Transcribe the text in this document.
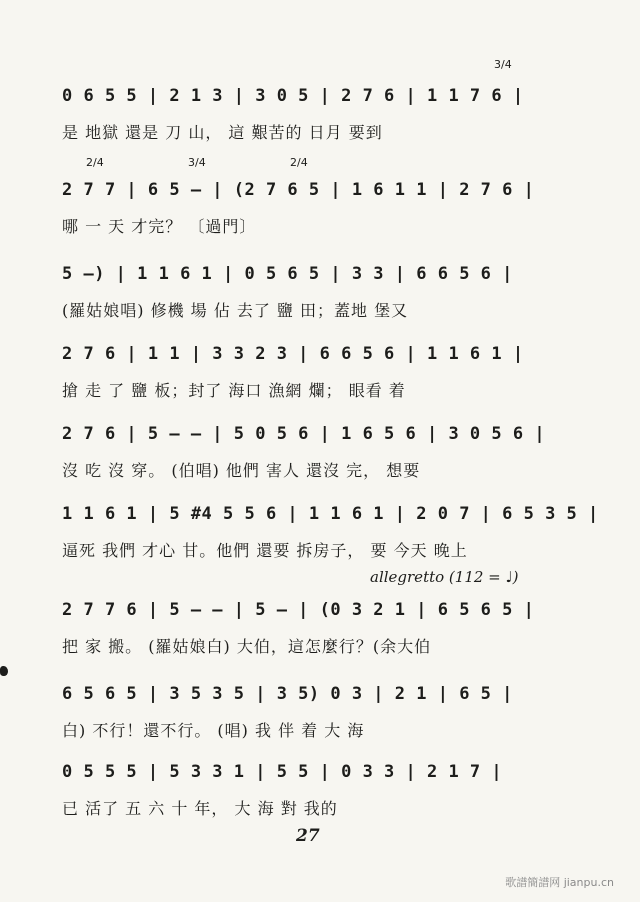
3/4
2/4	3/4	2/4
allegretto (112 = ♩)
0 6 5 5 | 2 1 3 | 3 0 5 | 2 7 6 | 1 1 7 6 |
是 地獄 還是 刀 山， 這 艱苦的 日月 要到
2 7 7 | 6 5 — | (2 7 6 5 | 1 6 1 1 | 2 7 6 |
哪 一 天 才完？ 〔過門〕
5 —) | 1 1 6 1 | 0 5 6 5 | 3 3 | 6 6 5 6 |
(羅姑娘唱) 修機 場 佔 去了 鹽 田；蓋地 堡又
2 7 6 | 1 1 | 3 3 2 3 | 6 6 5 6 | 1 1 6 1 |
搶 走 了 鹽 板；封了 海口 漁網 爛； 眼看 着
2 7 6 | 5 — — | 5 0 5 6 | 1 6 5 6 | 3 0 5 6 |
沒 吃 沒 穿。 (伯唱) 他們 害人 還沒 完， 想要
1 1 6 1 | 5 #4 5 5 6 | 1 1 6 1 | 2 0 7 | 6 5 3 5 |
逼死 我們 才心 甘。他們 還要 拆房子， 要 今天 晚上
2 7 7 6 | 5 — — | 5 — | (0 3 2 1 | 6 5 6 5 |
把 家 搬。 (羅姑娘白) 大伯，這怎麼行？(余大伯
6 5 6 5 | 3 5 3 5 | 3 5) 0 3 | 2 1 | 6 5 |
白) 不行！還不行。 (唱) 我 伴 着 大 海
0 5 5 5 | 5 3 3 1 | 5 5 | 0 3 3 | 2 1 7 |
已 活了 五 六 十 年， 大 海 對 我的
27
歌譜簡譜网 jianpu.cn
